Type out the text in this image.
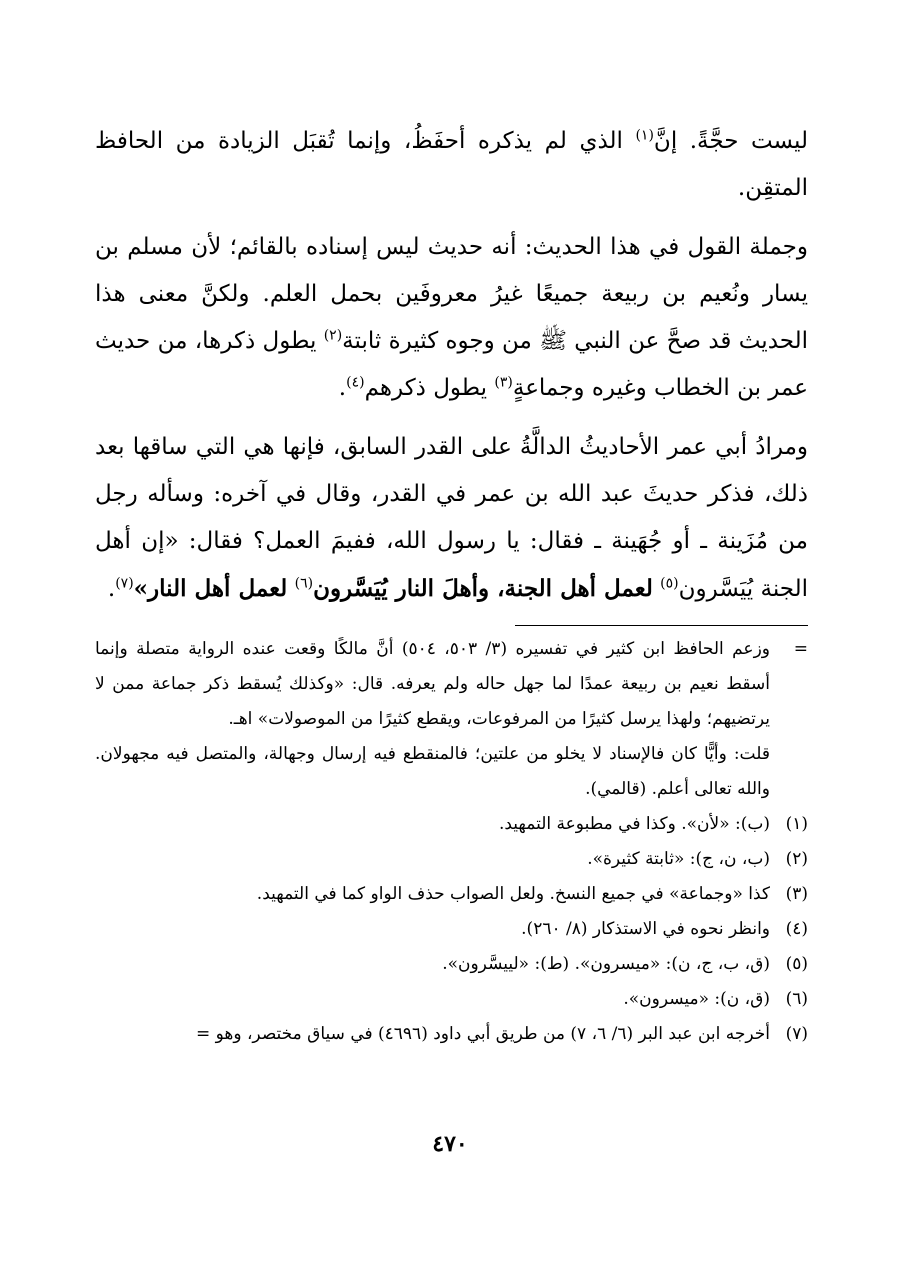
ليست حجَّةً. إنَّ$^{(١)}$ الذي لم يذكره أحفَظُ، وإنما تُقبَل الزيادة من الحافظ المتقِن.

وجملة القول في هذا الحديث: أنه حديث ليس إسناده بالقائم؛ لأن مسلم بن يسار ونُعيم بن ربيعة جميعًا غيرُ معروفَين بحمل العلم. ولكنَّ معنى هذا الحديث قد صحَّ عن النبي ﷺ من وجوه كثيرة ثابتة$^{(٢)}$ يطول ذكرها، من حديث عمر بن الخطاب وغيره وجماعةٍ$^{(٣)}$ يطول ذكرهم$^{(٤)}$.

ومرادُ أبي عمر الأحاديثُ الدالَّةُ على القدر السابق، فإنها هي التي ساقها بعد ذلك، فذكر حديثَ عبد الله بن عمر في القدر، وقال في آخره: وسأله رجل من مُزَينة ـ أو جُهَينة ـ فقال: يا رسول الله، ففيمَ العمل؟ فقال: «إن أهل الجنة يُيَسَّرون$^{(٥)}$ لعمل أهل الجنة، وأهلَ النار يُيَسَّرون$^{(٦)}$ لعمل أهل النار»$^{(٧)}$.

=

وزعم الحافظ ابن كثير في تفسيره (٣/ ٥٠٣، ٥٠٤) أنَّ مالكًا وقعت عنده الرواية متصلة وإنما أسقط نعيم بن ربيعة عمدًا لما جهل حاله ولم يعرفه. قال: «وكذلك يُسقط ذكر جماعة ممن لا يرتضيهم؛ ولهذا يرسل كثيرًا من المرفوعات، ويقطع كثيرًا من الموصولات» اهـ.

قلت: وأيًّا كان فالإسناد لا يخلو من علتين؛ فالمنقطع فيه إرسال وجهالة، والمتصل فيه مجهولان. والله تعالى أعلم. (قالمي).

(١)
(ب): «لأن». وكذا في مطبوعة التمهيد.
(٢)
(ب، ن، ج): «ثابتة كثيرة».
(٣)
كذا «وجماعة» في جميع النسخ. ولعل الصواب حذف الواو كما في التمهيد.
(٤)
وانظر نحوه في الاستذكار (٨/ ٢٦٠).
(٥)
(ق، ب، ج، ن): «ميسرون». (ط): «لييسَّرون».
(٦)
(ق، ن): «ميسرون».
(٧)
أخرجه ابن عبد البر (٦/ ٦، ٧) من طريق أبي داود (٤٦٩٦) في سياق مختصر، وهو =
٤٧٠
